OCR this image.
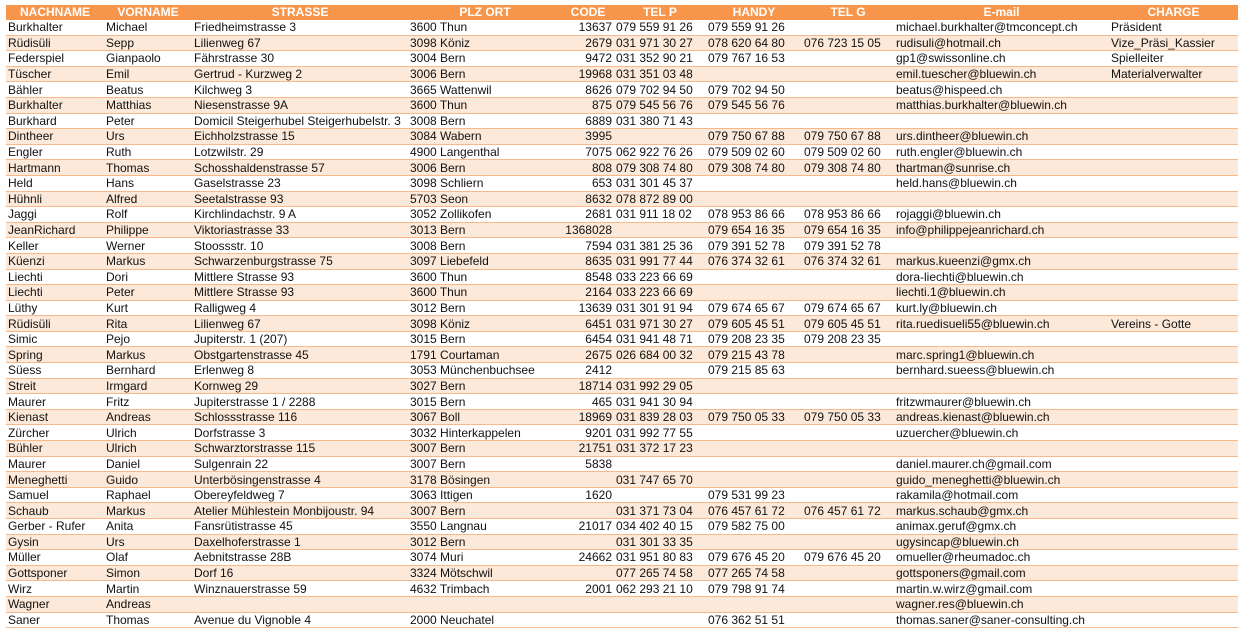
NACHNAME	VORNAME	STRASSE	PLZ ORT	CODE	TEL P	HANDY	TEL G	E-mail	CHARGE
Burkhalter	Michael	Friedheimstrasse 3	3600 Thun	13637	079 559 91 26	079 559 91 26		michael.burkhalter@tmconcept.ch	Präsident
Rüdisüli	Sepp	Lilienweg 67	3098 Köniz	2679	031 971 30 27	078 620 64 80	076 723 15 05	rudisuli@hotmail.ch	Vize_Präsi_Kassier
Federspiel	Gianpaolo	Fährstrasse 30	3004 Bern	9472	031 352 90 21	079 767 16 53		gp1@swissonline.ch	Spielleiter
Tüscher	Emil	Gertrud - Kurzweg 2	3006 Bern	19968	031 351 03 48			emil.tuescher@bluewin.ch	Materialverwalter
Bähler	Beatus	Kilchweg 3	3665 Wattenwil	8626	079 702 94 50	079 702 94 50		beatus@hispeed.ch	
Burkhalter	Matthias	Niesenstrasse 9A	3600 Thun	875	079 545 56 76	079 545 56 76		matthias.burkhalter@bluewin.ch	
Burkhard	Peter	Domicil Steigerhubel Steigerhubelstr. 3	3008 Bern	6889	031 380 71 43				
Dintheer	Urs	Eichholzstrasse 15	3084 Wabern	3995		079 750 67 88	079 750 67 88	urs.dintheer@bluewin.ch	
Engler	Ruth	Lotzwilstr. 29	4900 Langenthal	7075	062 922 76 26	079 509 02 60	079 509 02 60	ruth.engler@bluewin.ch	
Hartmann	Thomas	Schosshaldenstrasse 57	3006 Bern	808	079 308 74 80	079 308 74 80	079 308 74 80	thartman@sunrise.ch	
Held	Hans	Gaselstrasse 23	3098 Schliern	653	031 301 45 37			held.hans@bluewin.ch	
Hühnli	Alfred	Seetalstrasse 93	5703 Seon	8632	078 872 89 00				
Jaggi	Rolf	Kirchlindachstr. 9 A	3052 Zollikofen	2681	031 911 18 02	078 953 86 66	078 953 86 66	rojaggi@bluewin.ch	
JeanRichard	Philippe	Viktoriastrasse 33	3013 Bern	1368028		079 654 16 35	079 654 16 35	info@philippejeanrichard.ch	
Keller	Werner	Stoossstr. 10	3008 Bern	7594	031 381 25 36	079 391 52 78	079 391 52 78		
Küenzi	Markus	Schwarzenburgstrasse 75	3097 Liebefeld	8635	031 991 77 44	076 374 32 61	076 374 32 61	markus.kueenzi@gmx.ch	
Liechti	Dori	Mittlere Strasse 93	3600 Thun	8548	033 223 66 69			dora-liechti@bluewin.ch	
Liechti	Peter	Mittlere Strasse 93	3600 Thun	2164	033 223 66 69			liechti.1@bluewin.ch	
Lüthy	Kurt	Ralligweg 4	3012 Bern	13639	031 301 91 94	079 674 65 67	079 674 65 67	kurt.ly@bluewin.ch	
Rüdisüli	Rita	Lilienweg 67	3098 Köniz	6451	031 971 30 27	079 605 45 51	079 605 45 51	rita.ruedisueli55@bluewin.ch	Vereins - Gotte
Simic	Pejo	Jupiterstr. 1 (207)	3015 Bern	6454	031 941 48 71	079 208 23 35	079 208 23 35		
Spring	Markus	Obstgartenstrasse 45	1791 Courtaman	2675	026 684 00 32	079 215 43 78		marc.spring1@bluewin.ch	
Süess	Bernhard	Erlenweg 8	3053 Münchenbuchsee	2412		079 215 85 63		bernhard.sueess@bluewin.ch	
Streit	Irmgard	Kornweg 29	3027 Bern	18714	031 992 29 05				
Maurer	Fritz	Jupiterstrasse 1 / 2288	3015 Bern	465	031 941 30 94			fritzwmaurer@bluewin.ch	
Kienast	Andreas	Schlossstrasse 116	3067 Boll	18969	031 839 28 03	079 750 05 33	079 750 05 33	andreas.kienast@bluewin.ch	
Zürcher	Ulrich	Dorfstrasse 3	3032 Hinterkappelen	9201	031 992 77 55			uzuercher@bluewin.ch	
Bühler	Ulrich	Schwarztorstrasse 115	3007 Bern	21751	031 372 17 23				
Maurer	Daniel	Sulgenrain 22	3007 Bern	5838				daniel.maurer.ch@gmail.com	
Meneghetti	Guido	Unterbösingenstrasse 4	3178 Bösingen		031 747 65 70			guido_meneghetti@bluewin.ch	
Samuel	Raphael	Obereyfeldweg 7	3063 Ittigen	1620		079 531 99 23		rakamila@hotmail.com	
Schaub	Markus	Atelier Mühlestein Monbijoustr. 94	3007 Bern		031 371 73 04	076 457 61 72	076 457 61 72	markus.schaub@gmx.ch	
Gerber - Rufer	Anita	Fansrütistrasse 45	3550 Langnau	21017	034 402 40 15	079 582 75 00		animax.geruf@gmx.ch	
Gysin	Urs	Daxelhoferstrasse 1	3012 Bern		031 301 33 35			ugysincap@bluewin.ch	
Müller	Olaf	Aebnitstrasse 28B	3074 Muri	24662	031 951 80 83	079 676 45 20	079 676 45 20	omueller@rheumadoc.ch	
Gottsponer	Simon	Dorf 16	3324 Mötschwil		077 265 74 58	077 265 74 58		gottsponers@gmail.com	
Wirz	Martin	Winznauerstrasse 59	4632 Trimbach	2001	062 293 21 10	079 798 91 74		martin.w.wirz@gmail.com	
Wagner	Andreas							wagner.res@bluewin.ch	
Saner	Thomas	Avenue du Vignoble 4	2000 Neuchatel			076 362 51 51		thomas.saner@saner-consulting.ch	
